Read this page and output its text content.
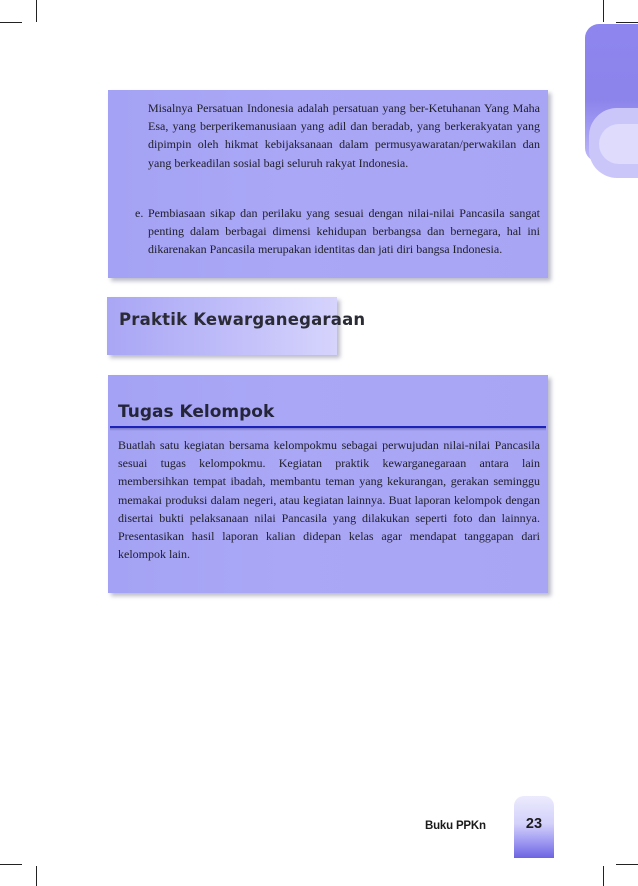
Misalnya Persatuan Indonesia adalah persatuan yang ber-Ketuhanan Yang Maha Esa, yang berperikemanusiaan yang adil dan beradab, yang berkerakyatan yang dipimpin oleh hikmat kebijaksanaan dalam permusyawaratan/perwakilan dan yang berkeadilan sosial bagi seluruh rakyat Indonesia.
e. Pembiasaan sikap dan perilaku yang sesuai dengan nilai-nilai Pancasila sangat penting dalam berbagai dimensi kehidupan berbangsa dan bernegara, hal ini dikarenakan Pancasila merupakan identitas dan jati diri bangsa Indonesia.
Praktik Kewarganegaraan
Tugas Kelompok
Buatlah satu kegiatan bersama kelompokmu sebagai perwujudan nilai-nilai Pancasila sesuai tugas kelompokmu. Kegiatan praktik kewarganegaraan antara lain membersihkan tempat ibadah, membantu teman yang kekurangan, gerakan seminggu memakai produksi dalam negeri, atau kegiatan lainnya. Buat laporan kelompok dengan disertai bukti pelaksanaan nilai Pancasila yang dilakukan seperti foto dan lainnya. Presentasikan hasil laporan kalian didepan kelas agar mendapat tanggapan dari kelompok lain.
Buku PPKn	23
